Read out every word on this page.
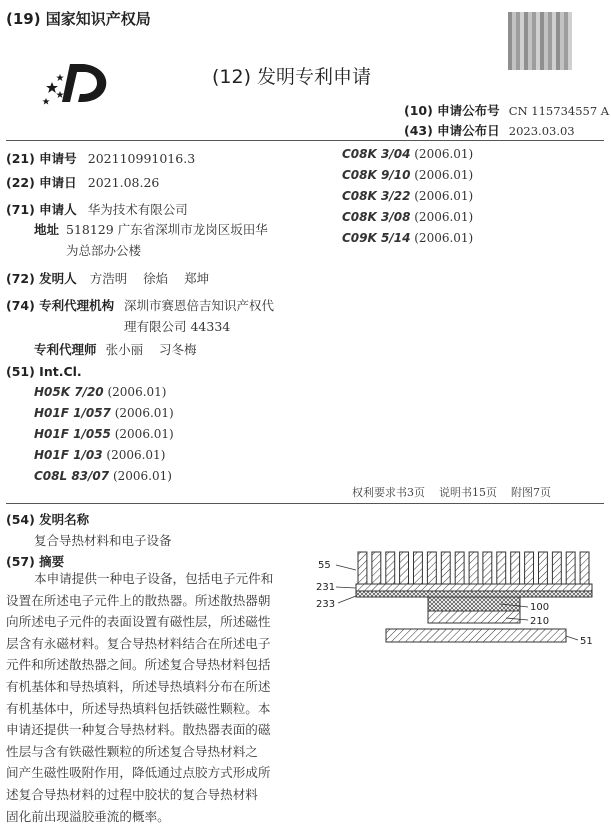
(19) 国家知识产权局
(12) 发明专利申请
(10) 申请公布号 CN 115734557 A
(43) 申请公布日 2023.03.03
(21) 申请号 202110991016.3
(22) 申请日 2021.08.26
(71) 申请人 华为技术有限公司
地址 518129 广东省深圳市龙岗区坂田华
为总部办公楼
(72) 发明人 方浩明    徐焰    郑坤
(74) 专利代理机构 深圳市赛恩倍吉知识产权代
理有限公司 44334
专利代理师 张小丽    习冬梅
(51) Int.Cl.
H05K 7/20 (2006.01)
H01F 1/057 (2006.01)
H01F 1/055 (2006.01)
H01F 1/03 (2006.01)
C08L 83/07 (2006.01)
C08K 3/04 (2006.01)
C08K 9/10 (2006.01)
C08K 3/22 (2006.01)
C08K 3/08 (2006.01)
C09K 5/14 (2006.01)
权利要求书3页    说明书15页    附图7页
(54) 发明名称
复合导热材料和电子设备
(57) 摘要
本申请提供一种电子设备，包括电子元件和
设置在所述电子元件上的散热器。所述散热器朝
向所述电子元件的表面设置有磁性层，所述磁性
层含有永磁材料。复合导热材料结合在所述电子
元件和所述散热器之间。所述复合导热材料包括
有机基体和导热填料，所述导热填料分布在所述
有机基体中，所述导热填料包括铁磁性颗粒。本
申请还提供一种复合导热材料。散热器表面的磁
性层与含有铁磁性颗粒的所述复合导热材料之
间产生磁性吸附作用，降低通过点胶方式形成所
述复合导热材料的过程中胶状的复合导热材料
固化前出现溢胶垂流的概率。
55
231
233	100
210
51
